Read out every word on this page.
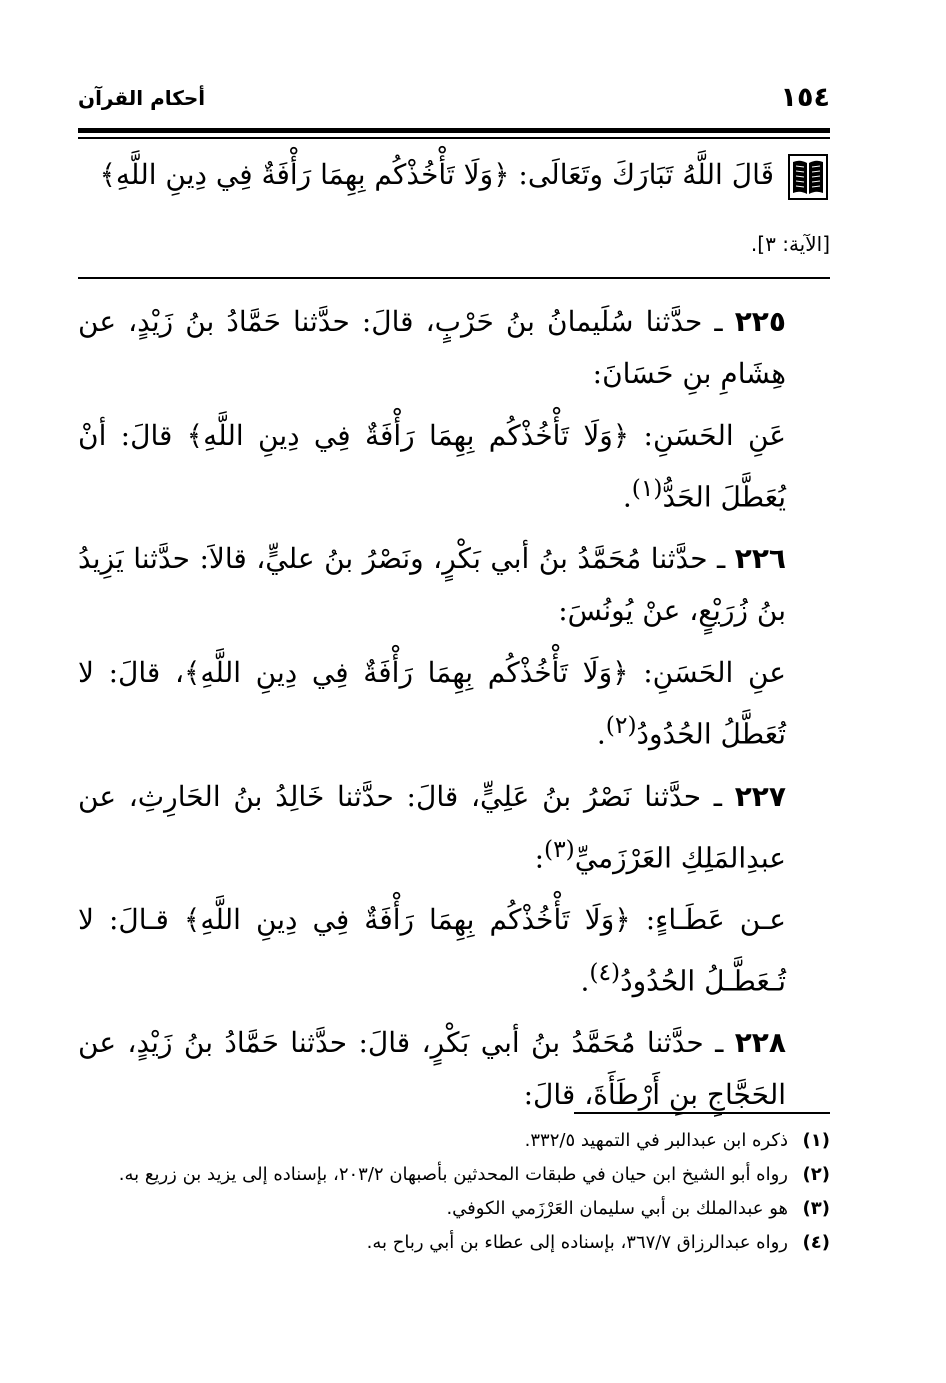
١٥٤
أحكام القرآن
قَالَ اللَّهُ تَبَارَكَ وتَعَالَى: ﴿وَلَا تَأْخُذْكُم بِهِمَا رَأْفَةٌ فِي دِينِ اللَّهِ﴾
[الآية: ٣].

٢٢٥ ـ حدَّثنا سُلَيمانُ بنُ حَرْبٍ، قالَ: حدَّثنا حَمَّادُ بنُ زَيْدٍ، عن هِشَامِ بنِ حَسَانَ:

عَنِ الحَسَنِ: ﴿وَلَا تَأْخُذْكُم بِهِمَا رَأْفَةٌ فِي دِينِ اللَّهِ﴾ قالَ: أنْ يُعَطَّلَ الحَدُّ$^{(١)}$.

٢٢٦ ـ حدَّثنا مُحَمَّدُ بنُ أبي بَكْرٍ، ونَصْرُ بنُ عليٍّ، قالاَ: حدَّثنا يَزِيدُ بنُ زُرَيْعٍ، عنْ يُونُسَ:

عنِ الحَسَنِ: ﴿وَلَا تَأْخُذْكُم بِهِمَا رَأْفَةٌ فِي دِينِ اللَّهِ﴾، قالَ: لا تُعَطَّلُ الحُدُودُ$^{(٢)}$.

٢٢٧ ـ حدَّثنا نَصْرُ بنُ عَلِيٍّ، قالَ: حدَّثنا خَالِدُ بنُ الحَارِثِ، عن عبدِالمَلِكِ العَرْزَميِّ$^{(٣)}$:

عـن عَطَـاءٍ: ﴿وَلَا تَأْخُذْكُم بِهِمَا رَأْفَةٌ فِي دِينِ اللَّهِ﴾ قـالَ: لا تُـعَطَّـلُ الحُدُودُ$^{(٤)}$.

٢٢٨ ـ حدَّثنا مُحَمَّدُ بنُ أبي بَكْرٍ، قالَ: حدَّثنا حَمَّادُ بنُ زَيْدٍ، عن الحَجَّاجِ بنِ أَرْطَأَةَ، قالَ:

(١)
ذكره ابن عبدالبر في التمهيد ٣٣٢/٥.
(٢)
رواه أبو الشيخ ابن حيان في طبقات المحدثين بأصبهان ٢٠٣/٢، بإسناده إلى يزيد بن زريع به.
(٣)
هو عبدالملك بن أبي سليمان العَرْزَمي الكوفي.
(٤)
رواه عبدالرزاق ٣٦٧/٧، بإسناده إلى عطاء بن أبي رباح به.
